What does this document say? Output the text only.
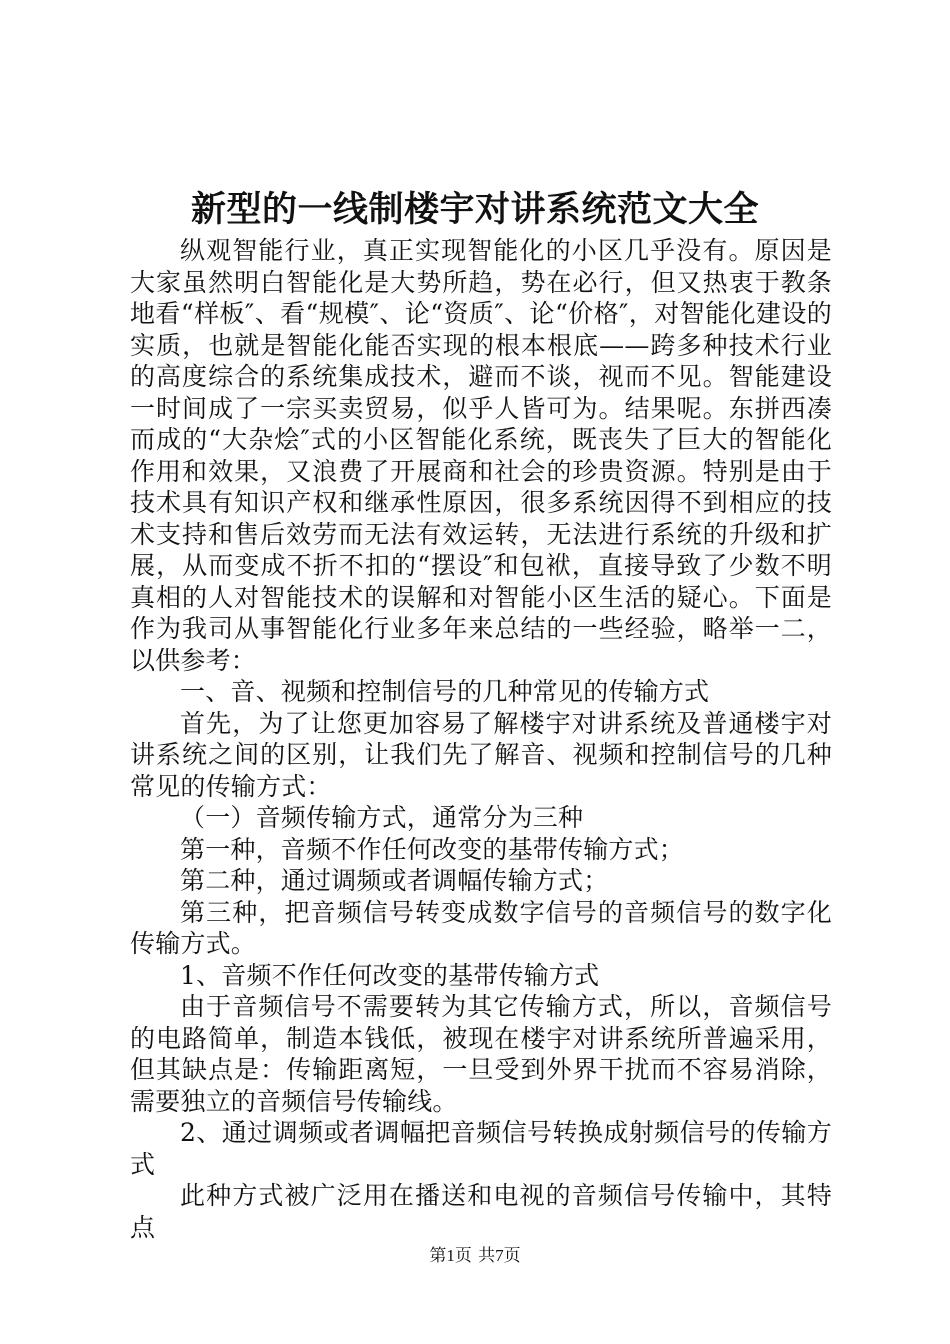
新型的一线制楼宇对讲系统范文大全

纵观智能行业，真正实现智能化的小区几乎没有。原因是大家虽然明白智能化是大势所趋，势在必行，但又热衷于教条地看“样板″、看“规模″、论“资质″、论“价格″，对智能化建设的实质，也就是智能化能否实现的根本根底——跨多种技术行业的高度综合的系统集成技术，避而不谈，视而不见。智能建设一时间成了一宗买卖贸易，似乎人皆可为。结果呢。东拼西凑而成的“大杂烩″式的小区智能化系统，既丧失了巨大的智能化作用和效果，又浪费了开展商和社会的珍贵资源。特别是由于技术具有知识产权和继承性原因，很多系统因得不到相应的技术支持和售后效劳而无法有效运转，无法进行系统的升级和扩展，从而变成不折不扣的“摆设″和包袱，直接导致了少数不明真相的人对智能技术的误解和对智能小区生活的疑心。下面是作为我司从事智能化行业多年来总结的一些经验，略举一二，以供参考：

一、音、视频和控制信号的几种常见的传输方式

首先，为了让您更加容易了解楼宇对讲系统及普通楼宇对讲系统之间的区别，让我们先了解音、视频和控制信号的几种常见的传输方式：

（一）音频传输方式，通常分为三种

第一种，音频不作任何改变的基带传输方式；

第二种，通过调频或者调幅传输方式；

第三种，把音频信号转变成数字信号的音频信号的数字化传输方式。

1、音频不作任何改变的基带传输方式

由于音频信号不需要转为其它传输方式，所以，音频信号的电路简单，制造本钱低，被现在楼宇对讲系统所普遍采用，但其缺点是：传输距离短，一旦受到外界干扰而不容易消除，需要独立的音频信号传输线。

2、通过调频或者调幅把音频信号转换成射频信号的传输方式

此种方式被广泛用在播送和电视的音频信号传输中，其特点

第1页 共7页
